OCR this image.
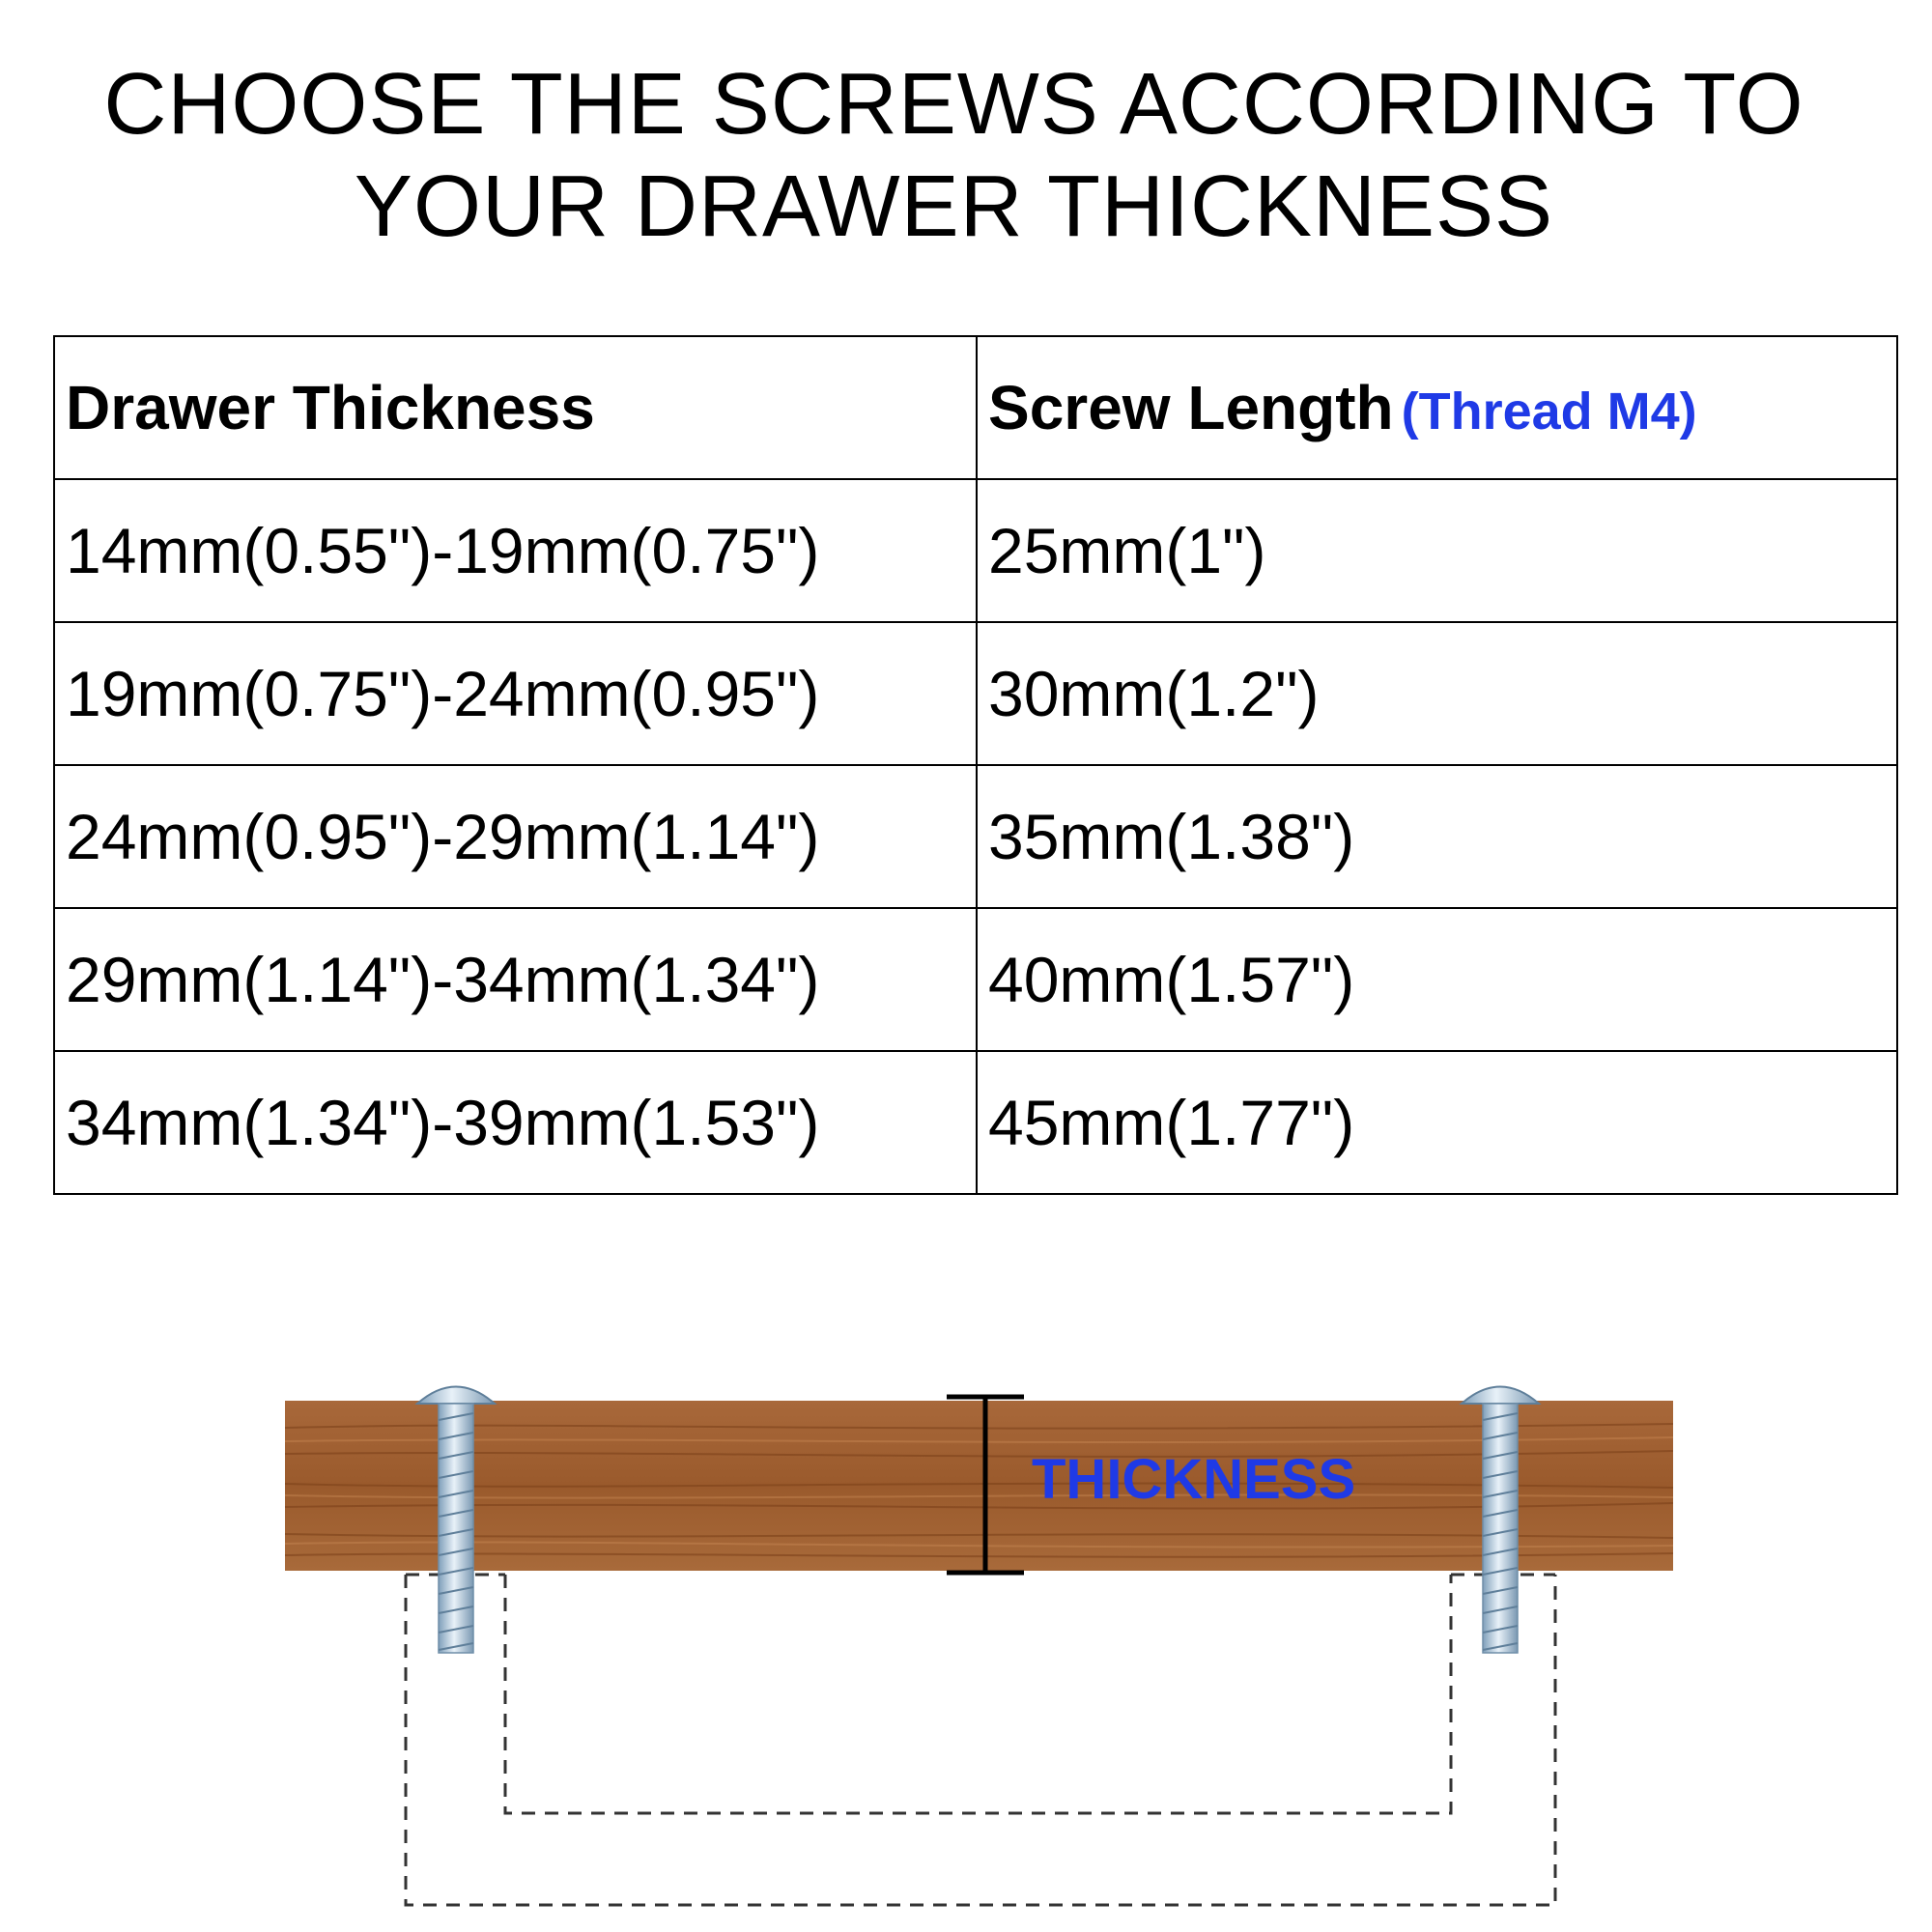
CHOOSE THE SCREWS ACCORDING TO
YOUR DRAWER THICKNESS
Drawer Thickness	Screw Length (Thread M4)
14mm(0.55")-19mm(0.75")	25mm(1")
19mm(0.75")-24mm(0.95")	30mm(1.2")
24mm(0.95")-29mm(1.14")	35mm(1.38")
29mm(1.14")-34mm(1.34")	40mm(1.57")
34mm(1.34")-39mm(1.53")	45mm(1.77")
THICKNESS
